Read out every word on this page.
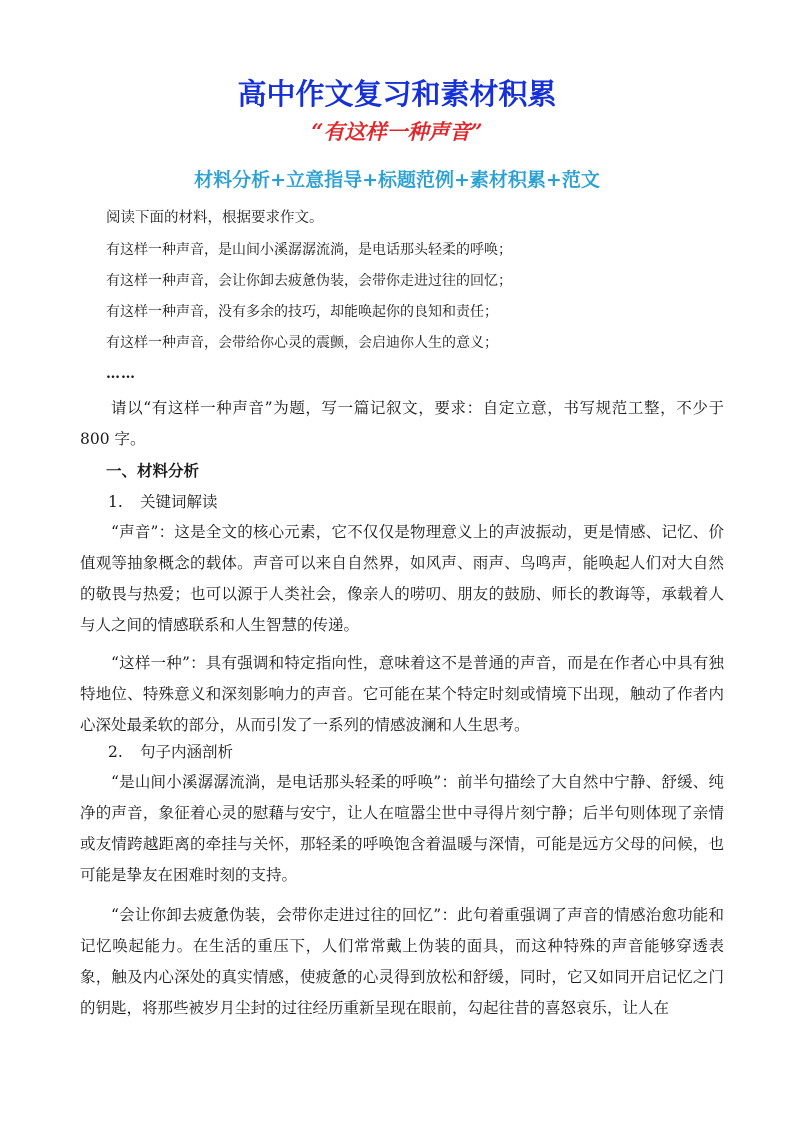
高中作文复习和素材积累
“有这样一种声音”
材料分析+立意指导+标题范例+素材积累+范文
阅读下面的材料，根据要求作文。
有这样一种声音，是山间小溪潺潺流淌，是电话那头轻柔的呼唤；
有这样一种声音，会让你卸去疲惫伪装，会带你走进过往的回忆；
有这样一种声音，没有多余的技巧，却能唤起你的良知和责任；
有这样一种声音，会带给你心灵的震颤，会启迪你人生的意义；
……
请以“有这样一种声音”为题，写一篇记叙文，要求：自定立意，书写规范工整，不少于 800 字。
一、材料分析
1. 关键词解读
“声音”：这是全文的核心元素，它不仅仅是物理意义上的声波振动，更是情感、记忆、价值观等抽象概念的载体。声音可以来自自然界，如风声、雨声、鸟鸣声，能唤起人们对大自然的敬畏与热爱；也可以源于人类社会，像亲人的唠叨、朋友的鼓励、师长的教诲等，承载着人与人之间的情感联系和人生智慧的传递。
“这样一种”：具有强调和特定指向性，意味着这不是普通的声音，而是在作者心中具有独特地位、特殊意义和深刻影响力的声音。它可能在某个特定时刻或情境下出现，触动了作者内心深处最柔软的部分，从而引发了一系列的情感波澜和人生思考。
2. 句子内涵剖析
“是山间小溪潺潺流淌，是电话那头轻柔的呼唤”：前半句描绘了大自然中宁静、舒缓、纯净的声音，象征着心灵的慰藉与安宁，让人在喧嚣尘世中寻得片刻宁静；后半句则体现了亲情或友情跨越距离的牵挂与关怀，那轻柔的呼唤饱含着温暖与深情，可能是远方父母的问候，也可能是挚友在困难时刻的支持。
“会让你卸去疲惫伪装，会带你走进过往的回忆”：此句着重强调了声音的情感治愈功能和记忆唤起能力。在生活的重压下，人们常常戴上伪装的面具，而这种特殊的声音能够穿透表象，触及内心深处的真实情感，使疲惫的心灵得到放松和舒缓，同时，它又如同开启记忆之门的钥匙，将那些被岁月尘封的过往经历重新呈现在眼前，勾起往昔的喜怒哀乐，让人在
